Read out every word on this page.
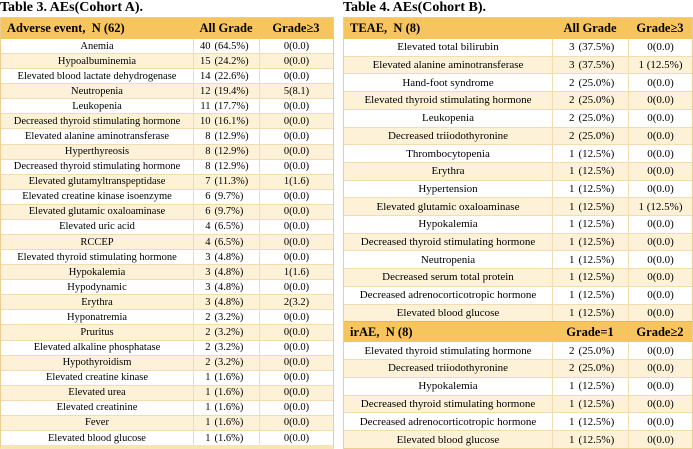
Table 3. AEs(Cohort A).
Adverse event,  N (62)	All Grade	Grade≥3
Anemia	40 (64.5%)	0(0.0)
Hypoalbuminemia	15 (24.2%)	0(0.0)
Elevated blood lactate dehydrogenase	14 (22.6%)	0(0.0)
Neutropenia	12 (19.4%)	5(8.1)
Leukopenia	11 (17.7%)	0(0.0)
Decreased thyroid stimulating hormone	10 (16.1%)	0(0.0)
Elevated alanine aminotransferase	8 (12.9%)	0(0.0)
Hyperthyreosis	8 (12.9%)	0(0.0)
Decreased thyroid stimulating hormone	8 (12.9%)	0(0.0)
Elevated glutamyltranspeptidase	7 (11.3%)	1(1.6)
Elevated creatine kinase isoenzyme	6 (9.7%)	0(0.0)
Elevated glutamic oxaloaminase	6 (9.7%)	0(0.0)
Elevated uric acid	4 (6.5%)	0(0.0)
RCCEP	4 (6.5%)	0(0.0)
Elevated thyroid stimulating hormone	3 (4.8%)	0(0.0)
Hypokalemia	3 (4.8%)	1(1.6)
Hypodynamic	3 (4.8%)	0(0.0)
Erythra	3 (4.8%)	2(3.2)
Hyponatremia	2 (3.2%)	0(0.0)
Pruritus	2 (3.2%)	0(0.0)
Elevated alkaline phosphatase	2 (3.2%)	0(0.0)
Hypothyroidism	2 (3.2%)	0(0.0)
Elevated creatine kinase	1 (1.6%)	0(0.0)
Elevated urea	1 (1.6%)	0(0.0)
Elevated creatinine	1 (1.6%)	0(0.0)
Fever	1 (1.6%)	0(0.0)
Elevated blood glucose	1 (1.6%)	0(0.0)
Table 4. AEs(Cohort B).
TEAE,  N (8)	All Grade	Grade≥3
Elevated total bilirubin	3 (37.5%)	0(0.0)
Elevated alanine aminotransferase	3 (37.5%)	1 (12.5%)
Hand-foot syndrome	2 (25.0%)	0(0.0)
Elevated thyroid stimulating hormone	2 (25.0%)	0(0.0)
Leukopenia	2 (25.0%)	0(0.0)
Decreased triiodothyronine	2 (25.0%)	0(0.0)
Thrombocytopenia	1 (12.5%)	0(0.0)
Erythra	1 (12.5%)	0(0.0)
Hypertension	1 (12.5%)	0(0.0)
Elevated glutamic oxaloaminase	1 (12.5%)	1 (12.5%)
Hypokalemia	1 (12.5%)	0(0.0)
Decreased thyroid stimulating hormone	1 (12.5%)	0(0.0)
Neutropenia	1 (12.5%)	0(0.0)
Decreased serum total protein	1 (12.5%)	0(0.0)
Decreased adrenocorticotropic hormone	1 (12.5%)	0(0.0)
Elevated blood glucose	1 (12.5%)	0(0.0)
irAE,  N (8)	Grade=1	Grade≥2
Elevated thyroid stimulating hormone	2 (25.0%)	0(0.0)
Decreased triiodothyronine	2 (25.0%)	0(0.0)
Hypokalemia	1 (12.5%)	0(0.0)
Decreased thyroid stimulating hormone	1 (12.5%)	0(0.0)
Decreased adrenocorticotropic hormone	1 (12.5%)	0(0.0)
Elevated blood glucose	1 (12.5%)	0(0.0)
